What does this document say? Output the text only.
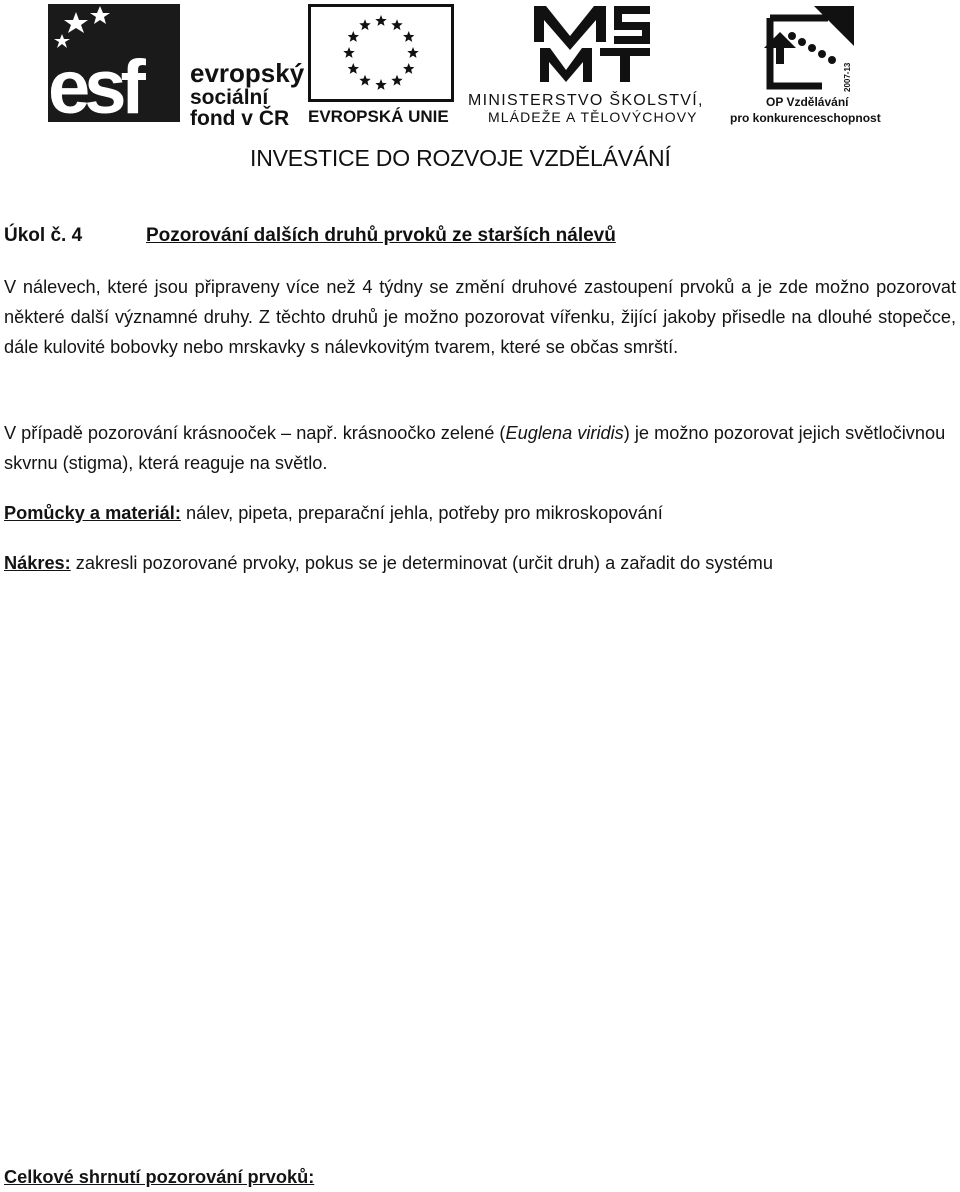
esf evropský
sociální
fond v ČR	EVROPSKÁ UNIE
MINISTERSTVO ŠKOLSTVÍ,
MLÁDEŽE A TĚLOVÝCHOVY
2007-13
OP Vzdělávání
pro konkurenceschopnost
INVESTICE DO ROZVOJE VZDĚLÁVÁNÍ
Úkol č. 4	Pozorování dalších druhů prvoků ze starších nálevů

V nálevech, které jsou připraveny více než 4 týdny se změní druhové zastoupení prvoků a je zde možno pozorovat některé další významné druhy. Z těchto druhů je možno pozorovat vířenku, žijící jakoby přisedle na dlouhé stopečce, dále kulovité bobovky nebo mrskavky s nálevkovitým tvarem, které se občas smrští.

V případě pozorování krásnooček – např. krásnoočko zelené (Euglena viridis) je možno pozorovat jejich světločivnou skvrnu (stigma), která reaguje na světlo.

Pomůcky a materiál: nálev, pipeta, preparační jehla, potřeby pro mikroskopování

Nákres: zakresli pozorované prvoky, pokus se je determinovat (určit druh) a zařadit do systému

Celkové shrnutí pozorování prvoků:
